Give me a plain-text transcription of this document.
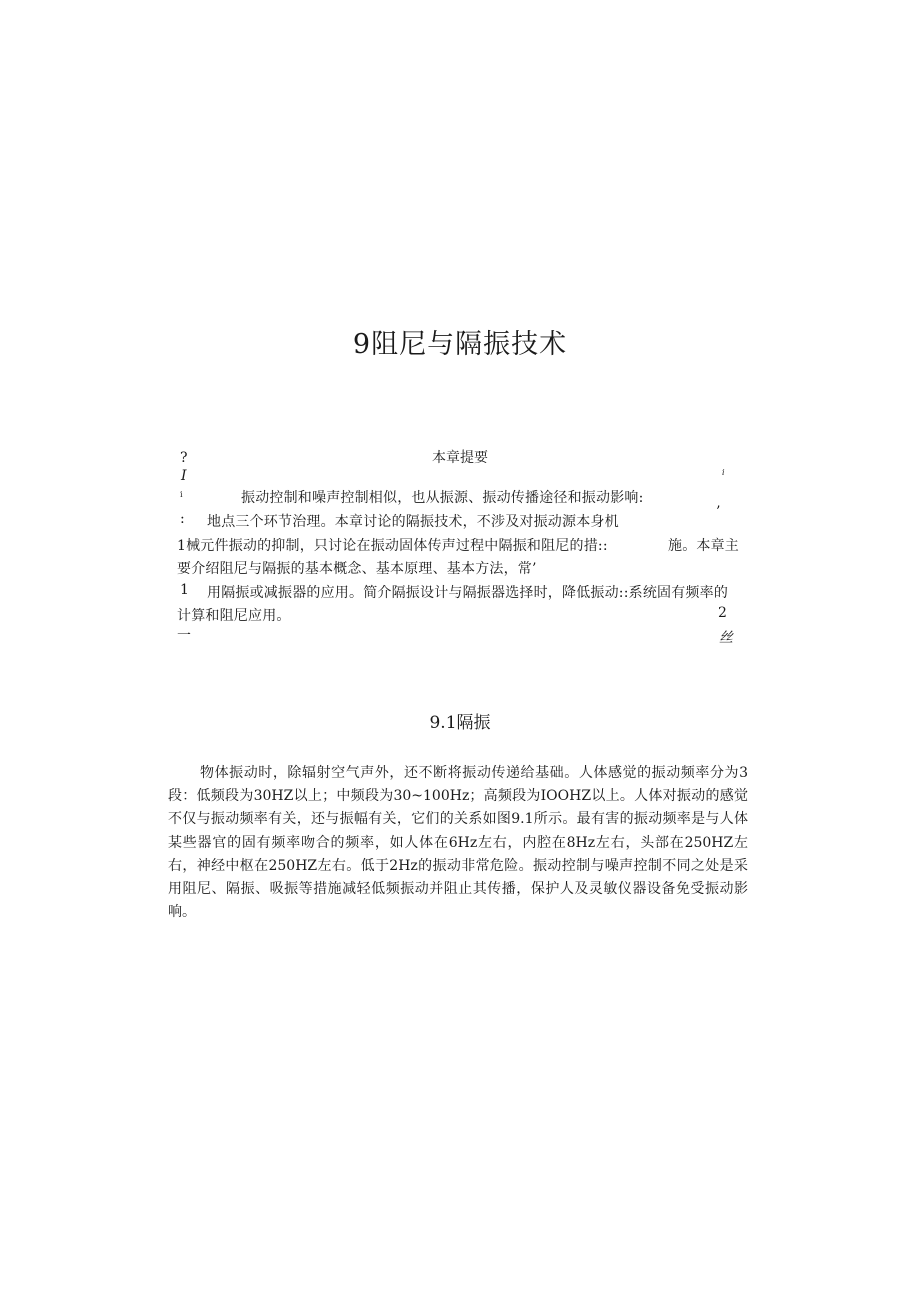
9阻尼与隔振技术
?	本章提要
I	i
i	振动控制和噪声控制相似，也从振源、振动传播途径和振动影响:
: 地点三个环节治理。本章讨论的隔振技术，不涉及对振动源本身机
’
1械元件振动的抑制，只讨论在振动固体传声过程中隔振和阻尼的措::	施。本章主
要介绍阻尼与隔振的基本概念、基本原理、基本方法，常’
1 用隔振或减振器的应用。简介隔振设计与隔振器选择时，降低振动::系统固有频率的
计算和阻尼应用。	2
一	丝
9.1隔振
物体振动时，除辐射空气声外，还不断将振动传递给基础。人体感觉的振动频率分为3段：低频段为30HZ以上；中频段为30~100Hz；高频段为IOOHZ以上。人体对振动的感觉不仅与振动频率有关，还与振幅有关，它们的关系如图9.1所示。最有害的振动频率是与人体某些器官的固有频率吻合的频率，如人体在6Hz左右，内腔在8Hz左右，头部在250HZ左右，神经中枢在250HZ左右。低于2Hz的振动非常危险。振动控制与噪声控制不同之处是采用阻尼、隔振、吸振等措施减轻低频振动并阻止其传播，保护人及灵敏仪器设备免受振动影响。
